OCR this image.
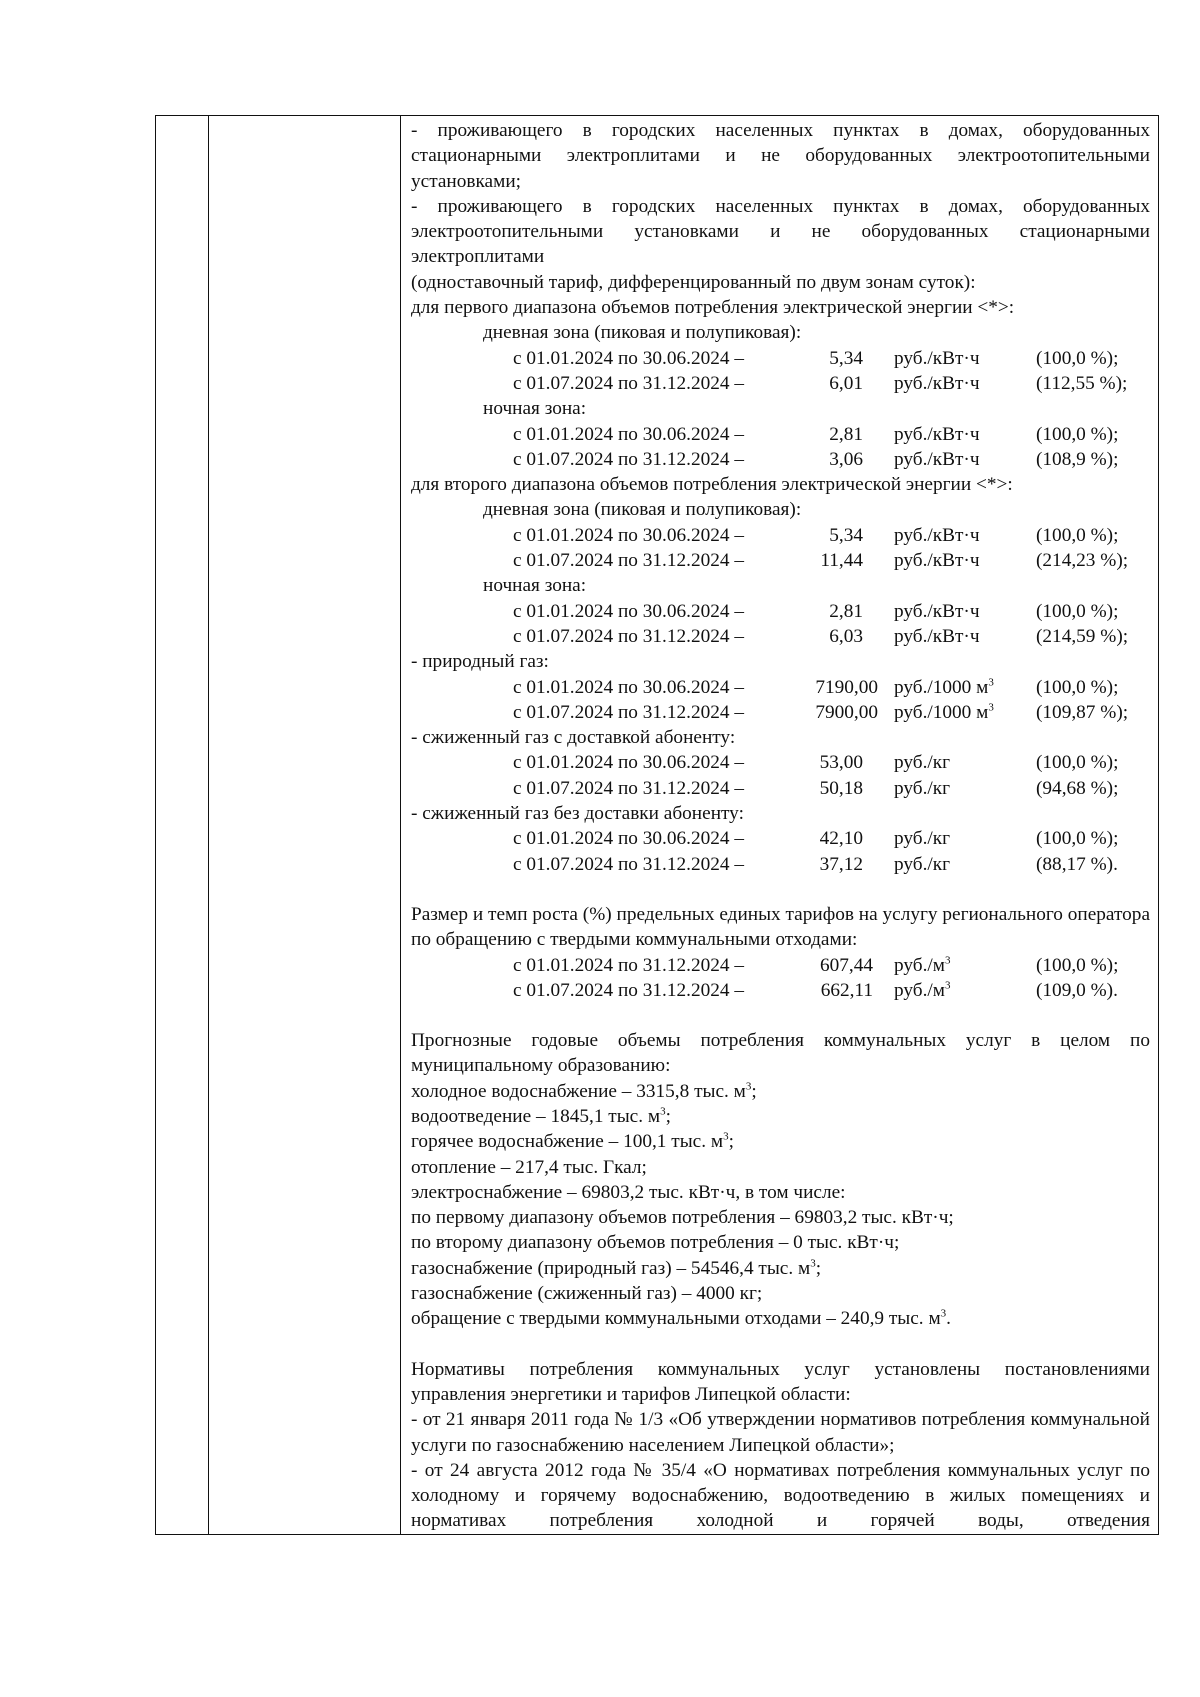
- проживающего в городских населенных пунктах в домах, оборудованных стационарными электроплитами и не оборудованных электроотопительными установками;

- проживающего в городских населенных пунктах в домах, оборудованных электроотопительными установками и не оборудованных стационарными электроплитами

(одноставочный тариф, дифференцированный по двум зонам суток):

для первого диапазона объемов потребления электрической энергии <*>:

дневная зона (пиковая и полупиковая):

с 01.01.2024 по 30.06.2024 –	5,34 руб./кВт·ч	(100,0 %);
с 01.07.2024 по 31.12.2024 –	6,01 руб./кВт·ч	(112,55 %);

ночная зона:

с 01.01.2024 по 30.06.2024 –	2,81 руб./кВт·ч	(100,0 %);
с 01.07.2024 по 31.12.2024 –	3,06 руб./кВт·ч	(108,9 %);

для второго диапазона объемов потребления электрической энергии <*>:

дневная зона (пиковая и полупиковая):

с 01.01.2024 по 30.06.2024 –	5,34 руб./кВт·ч	(100,0 %);
с 01.07.2024 по 31.12.2024 –	11,44 руб./кВт·ч	(214,23 %);

ночная зона:

с 01.01.2024 по 30.06.2024 –	2,81 руб./кВт·ч	(100,0 %);
с 01.07.2024 по 31.12.2024 –	6,03 руб./кВт·ч	(214,59 %);

- природный газ:

с 01.01.2024 по 30.06.2024 –	7190,00 руб./1000 $м^3$	(100,0 %);
с 01.07.2024 по 31.12.2024 –	7900,00 руб./1000 $м^3$	(109,87 %);

- сжиженный газ с доставкой абоненту:

с 01.01.2024 по 30.06.2024 –	53,00 руб./кг	(100,0 %);
с 01.07.2024 по 31.12.2024 –	50,18 руб./кг	(94,68 %);

- сжиженный газ без доставки абоненту:

с 01.01.2024 по 30.06.2024 –	42,10 руб./кг	(100,0 %);
с 01.07.2024 по 31.12.2024 –	37,12 руб./кг	(88,17 %).

Размер и темп роста (%) предельных единых тарифов на услугу регионального оператора по обращению с твердыми коммунальными отходами:

с 01.01.2024 по 31.12.2024 –	607,44 $руб./м^3$	(100,0 %);
с 01.07.2024 по 31.12.2024 –	662,11 $руб./м^3$	(109,0 %).

Прогнозные годовые объемы потребления коммунальных услуг в целом по муниципальному образованию:

холодное водоснабжение – 3315,8 тыс. $м^3$;

водоотведение – 1845,1 тыс. $м^3$;

горячее водоснабжение – 100,1 тыс. $м^3$;

отопление – 217,4 тыс. Гкал;

электроснабжение – 69803,2 тыс. кВт·ч, в том числе:

по первому диапазону объемов потребления – 69803,2 тыс. кВт·ч;

по второму диапазону объемов потребления – 0 тыс. кВт·ч;

газоснабжение (природный газ) – 54546,4 тыс. $м^3$;

газоснабжение (сжиженный газ) – 4000 кг;

обращение с твердыми коммунальными отходами – 240,9 тыс. $м^3$.

Нормативы потребления коммунальных услуг установлены постановлениями управления энергетики и тарифов Липецкой области:

- от 21 января 2011 года № 1/3 «Об утверждении нормативов потребления коммунальной услуги по газоснабжению населением Липецкой области»;

- от 24 августа 2012 года № 35/4 «О нормативах потребления коммунальных услуг по холодному и горячему водоснабжению, водоотведению в жилых помещениях и нормативах потребления холодной и горячей воды, отведения
